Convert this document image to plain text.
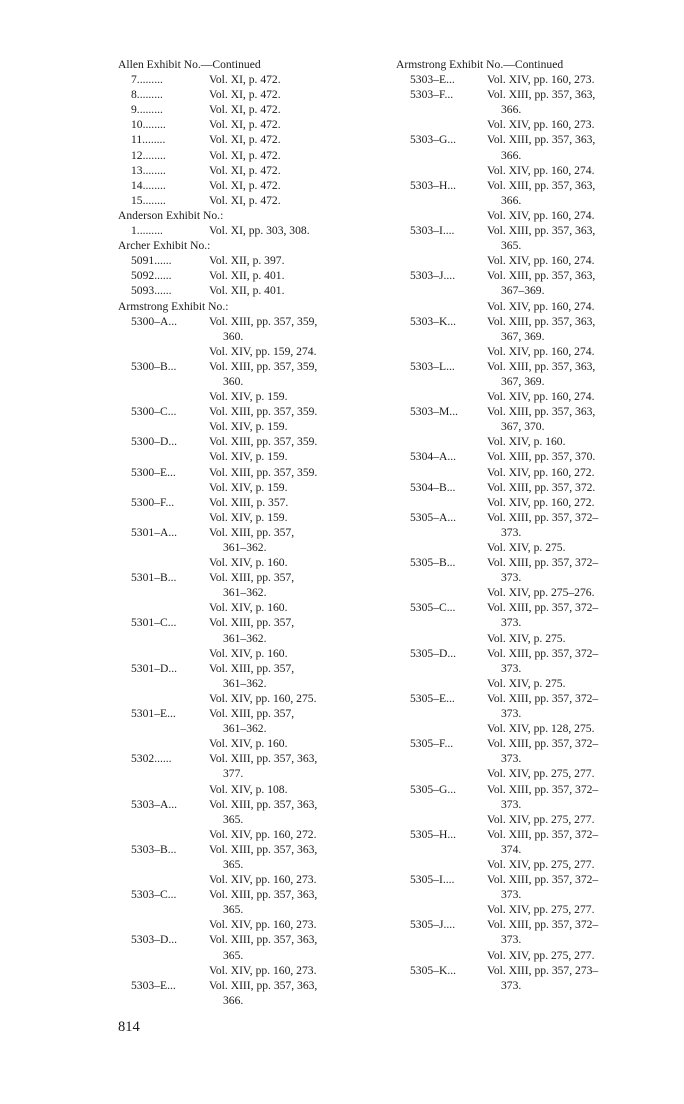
Allen Exhibit No.—Continued
7.........	Vol. XI, p. 472.
8.........	Vol. XI, p. 472.
9.........	Vol. XI, p. 472.
10........	Vol. XI, p. 472.
11........	Vol. XI, p. 472.
12........	Vol. XI, p. 472.
13........	Vol. XI, p. 472.
14........	Vol. XI, p. 472.
15........	Vol. XI, p. 472.
Anderson Exhibit No.:
1.........	Vol. XI, pp. 303, 308.
Archer Exhibit No.:
5091......	Vol. XII, p. 397.
5092......	Vol. XII, p. 401.
5093......	Vol. XII, p. 401.
Armstrong Exhibit No.:
5300–A...	Vol. XIII, pp. 357, 359,
360.
Vol. XIV, pp. 159, 274.
5300–B...	Vol. XIII, pp. 357, 359,
360.
Vol. XIV, p. 159.
5300–C...	Vol. XIII, pp. 357, 359.
Vol. XIV, p. 159.
5300–D...	Vol. XIII, pp. 357, 359.
Vol. XIV, p. 159.
5300–E...	Vol. XIII, pp. 357, 359.
Vol. XIV, p. 159.
5300–F...	Vol. XIII, p. 357.
Vol. XIV, p. 159.
5301–A...	Vol. XIII, pp. 357,
361–362.
Vol. XIV, p. 160.
5301–B...	Vol. XIII, pp. 357,
361–362.
Vol. XIV, p. 160.
5301–C...	Vol. XIII, pp. 357,
361–362.
Vol. XIV, p. 160.
5301–D...	Vol. XIII, pp. 357,
361–362.
Vol. XIV, pp. 160, 275.
5301–E...	Vol. XIII, pp. 357,
361–362.
Vol. XIV, p. 160.
5302......	Vol. XIII, pp. 357, 363,
377.
Vol. XIV, p. 108.
5303–A...	Vol. XIII, pp. 357, 363,
365.
Vol. XIV, pp. 160, 272.
5303–B...	Vol. XIII, pp. 357, 363,
365.
Vol. XIV, pp. 160, 273.
5303–C...	Vol. XIII, pp. 357, 363,
365.
Vol. XIV, pp. 160, 273.
5303–D...	Vol. XIII, pp. 357, 363,
365.
Vol. XIV, pp. 160, 273.
5303–E...	Vol. XIII, pp. 357, 363,
366.
Armstrong Exhibit No.—Continued
5303–E...	Vol. XIV, pp. 160, 273.
5303–F...	Vol. XIII, pp. 357, 363,
366.
Vol. XIV, pp. 160, 273.
5303–G...	Vol. XIII, pp. 357, 363,
366.
Vol. XIV, pp. 160, 274.
5303–H...	Vol. XIII, pp. 357, 363,
366.
Vol. XIV, pp. 160, 274.
5303–I....	Vol. XIII, pp. 357, 363,
365.
Vol. XIV, pp. 160, 274.
5303–J....	Vol. XIII, pp. 357, 363,
367–369.
Vol. XIV, pp. 160, 274.
5303–K...	Vol. XIII, pp. 357, 363,
367, 369.
Vol. XIV, pp. 160, 274.
5303–L...	Vol. XIII, pp. 357, 363,
367, 369.
Vol. XIV, pp. 160, 274.
5303–M...	Vol. XIII, pp. 357, 363,
367, 370.
Vol. XIV, p. 160.
5304–A...	Vol. XIII, pp. 357, 370.
Vol. XIV, pp. 160, 272.
5304–B...	Vol. XIII, pp. 357, 372.
Vol. XIV, pp. 160, 272.
5305–A...	Vol. XIII, pp. 357, 372–
373.
Vol. XIV, p. 275.
5305–B...	Vol. XIII, pp. 357, 372–
373.
Vol. XIV, pp. 275–276.
5305–C...	Vol. XIII, pp. 357, 372–
373.
Vol. XIV, p. 275.
5305–D...	Vol. XIII, pp. 357, 372–
373.
Vol. XIV, p. 275.
5305–E...	Vol. XIII, pp. 357, 372–
373.
Vol. XIV, pp. 128, 275.
5305–F...	Vol. XIII, pp. 357, 372–
373.
Vol. XIV, pp. 275, 277.
5305–G...	Vol. XIII, pp. 357, 372–
373.
Vol. XIV, pp. 275, 277.
5305–H...	Vol. XIII, pp. 357, 372–
374.
Vol. XIV, pp. 275, 277.
5305–I....	Vol. XIII, pp. 357, 372–
373.
Vol. XIV, pp. 275, 277.
5305–J....	Vol. XIII, pp. 357, 372–
373.
Vol. XIV, pp. 275, 277.
5305–K...	Vol. XIII, pp. 357, 273–
373.
814
